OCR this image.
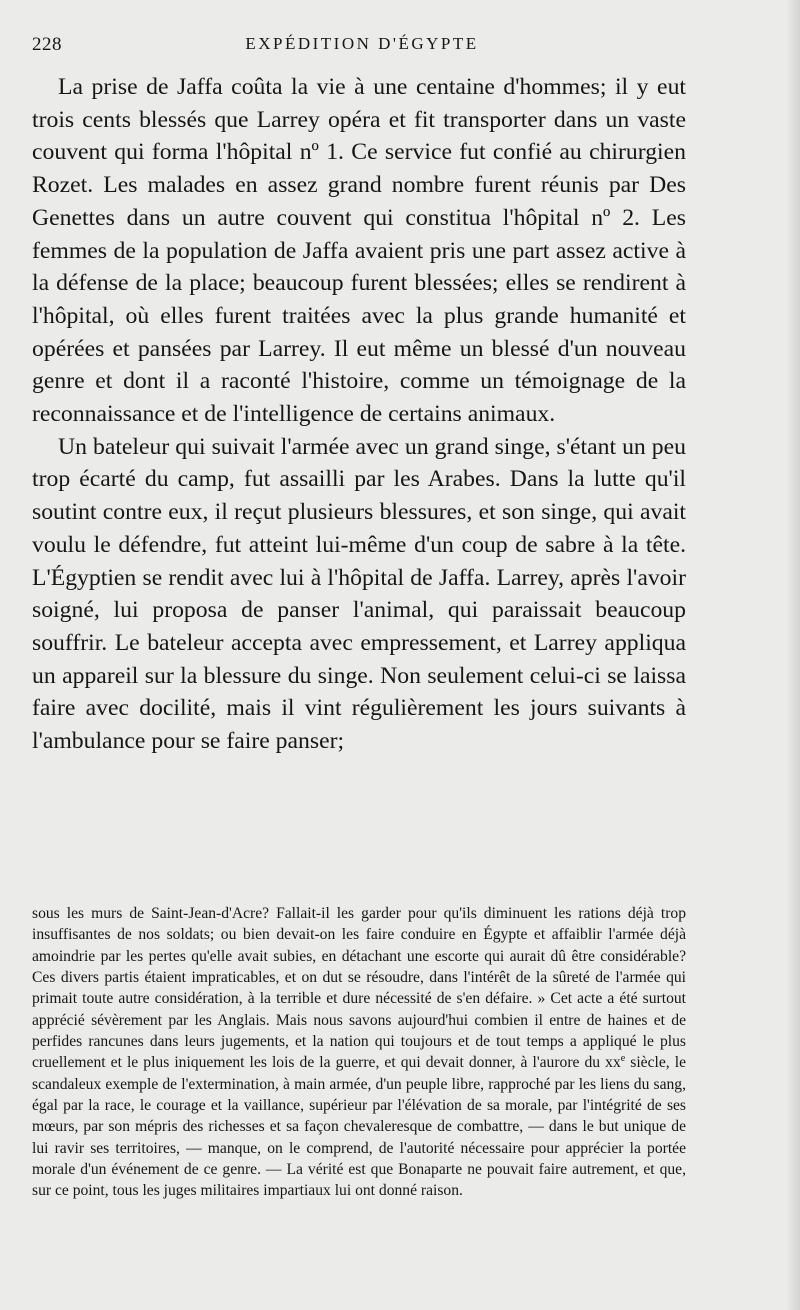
228	EXPÉDITION D'ÉGYPTE

La prise de Jaffa coûta la vie à une centaine d'hommes; il y eut trois cents blessés que Larrey opéra et fit transporter dans un vaste couvent qui forma l'hôpital nº 1. Ce service fut confié au chirurgien Rozet. Les malades en assez grand nombre furent réunis par Des Genettes dans un autre couvent qui constitua l'hôpital nº 2. Les femmes de la population de Jaffa avaient pris une part assez active à la défense de la place; beaucoup furent blessées; elles se rendirent à l'hôpital, où elles furent traitées avec la plus grande humanité et opérées et pansées par Larrey. Il eut même un blessé d'un nouveau genre et dont il a raconté l'histoire, comme un témoignage de la reconnaissance et de l'intelligence de certains animaux.

Un bateleur qui suivait l'armée avec un grand singe, s'étant un peu trop écarté du camp, fut assailli par les Arabes. Dans la lutte qu'il soutint contre eux, il reçut plusieurs blessures, et son singe, qui avait voulu le défendre, fut atteint lui-même d'un coup de sabre à la tête. L'Égyptien se rendit avec lui à l'hôpital de Jaffa. Larrey, après l'avoir soigné, lui proposa de panser l'animal, qui paraissait beaucoup souffrir. Le bateleur accepta avec empressement, et Larrey appliqua un appareil sur la blessure du singe. Non seulement celui-ci se laissa faire avec docilité, mais il vint régulièrement les jours suivants à l'ambulance pour se faire panser;

sous les murs de Saint-Jean-d'Acre? Fallait-il les garder pour qu'ils diminuent les rations déjà trop insuffisantes de nos soldats; ou bien devait-on les faire conduire en Égypte et affaiblir l'armée déjà amoindrie par les pertes qu'elle avait subies, en détachant une escorte qui aurait dû être considérable? Ces divers partis étaient impraticables, et on dut se résoudre, dans l'intérêt de la sûreté de l'armée qui primait toute autre considération, à la terrible et dure nécessité de s'en défaire. » Cet acte a été surtout apprécié sévèrement par les Anglais. Mais nous savons aujourd'hui combien il entre de haines et de perfides rancunes dans leurs jugements, et la nation qui toujours et de tout temps a appliqué le plus cruellement et le plus iniquement les lois de la guerre, et qui devait donner, à l'aurore du $xx^e$ siècle, le scandaleux exemple de l'extermination, à main armée, d'un peuple libre, rapproché par les liens du sang, égal par la race, le courage et la vaillance, supérieur par l'élévation de sa morale, par l'intégrité de ses mœurs, par son mépris des richesses et sa façon chevaleresque de combattre, — dans le but unique de lui ravir ses territoires, — manque, on le comprend, de l'autorité nécessaire pour apprécier la portée morale d'un événement de ce genre. — La vérité est que Bonaparte ne pouvait faire autrement, et que, sur ce point, tous les juges militaires impartiaux lui ont donné raison.
